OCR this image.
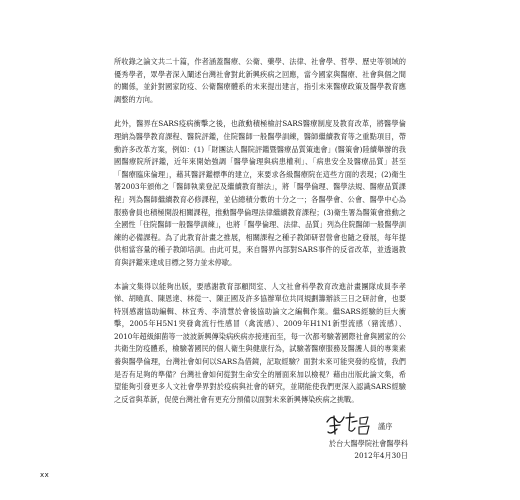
所收錄之論文共二十篇，作者涵蓋醫療、公衛、藥學、法律、社會學、哲學、歷史等領域的優秀學者，眾學者深入闡述台灣社會對此新興疾病之回應，當今國家與醫療、社會與個之間的關係，並針對國家防疫、公衛醫療體系的未來提出建言，指引未來醫療政策及醫學教育應調整的方向。

此外，醫界在SARS疫病衝擊之後，也啟動積極檢討SARS醫療制度及教育改革，將醫學倫理納為醫學教育課程、醫院評鑑，住院醫師一般醫學訓練，醫師繼續教育等之重點項目，帶動許多改革方案，例如：(1)「財團法人醫院評鑑暨醫療品質策進會」(醫策會)陸續舉辦的我國醫療院所評鑑，近年來開始強調「醫學倫理與病患權利」、「病患安全及醫療品質」甚至「醫療臨床倫理」，藉其醫評鑑標準的建立，來要求各級醫療院在這些方面的表現；(2)衛生署2003年頒佈之「醫師執業登記及繼續教育辦法」，將「醫學倫理、醫學法規、醫療品質課程」列為醫師繼續教育必修課程，並佔總積分數的十分之一；各醫學會、公會、醫學中心為服務會員也積極開設相關課程，推動醫學倫理法律繼續教育課程；(3)衛生署為醫策會推動之全國性「住院醫師一般醫學訓練」，也將「醫學倫理、法律、品質」列為住院醫師一般醫學訓練的必備課程。為了此教育計畫之推展，相關課程之種子教師研習營會也隨之發展，每年提供相當容量的種子教師培訓。由此可見，來自醫界內部對SARS事件的反省改革，並透過教育與評鑑來達成目標之努力並未停歇。

本論文集得以能夠出版，要感謝教育部顧問室、人文社會科學教育改進計畫團隊成員李孝悌、胡曉真、陳恩達、林從一、陳正國及許多協辦單位共同規劃籌辦該三日之研討會，也要特別感謝協助編輯、林宜秀、李清慧於會後協助論文之編輯作業。繼SARS經驗的巨大衝擊，2005年H5N1突發禽流行性感冒（禽流感）、2009年H1N1新型流感（豬流感）、2010年超級細菌等一波波新興傳染病疾病亦接連而至，每一次都考驗著國際社會與國家的公共衛生防疫體系，檢驗著國民的個人衛生與健康行為，試驗著醫療服務及醫護人員的專業素養與醫學倫理，台灣社會如何以SARS為借鏡，記取經驗？面對未來可能突發的疫情，我們是否有足夠的準備？台灣社會如何從對生命安全的層面來加以檢視？藉由出版此論文集，希望能夠引發更多人文社會學界對於疫病與社會的研究，並期能使我們更深入認識SARS經驗之反省與革新，促使台灣社會有更充分預備以面對未來新興傳染疾病之挑戰。

謹序
於台大醫學院社會醫學科
2012年4月30日
xx
